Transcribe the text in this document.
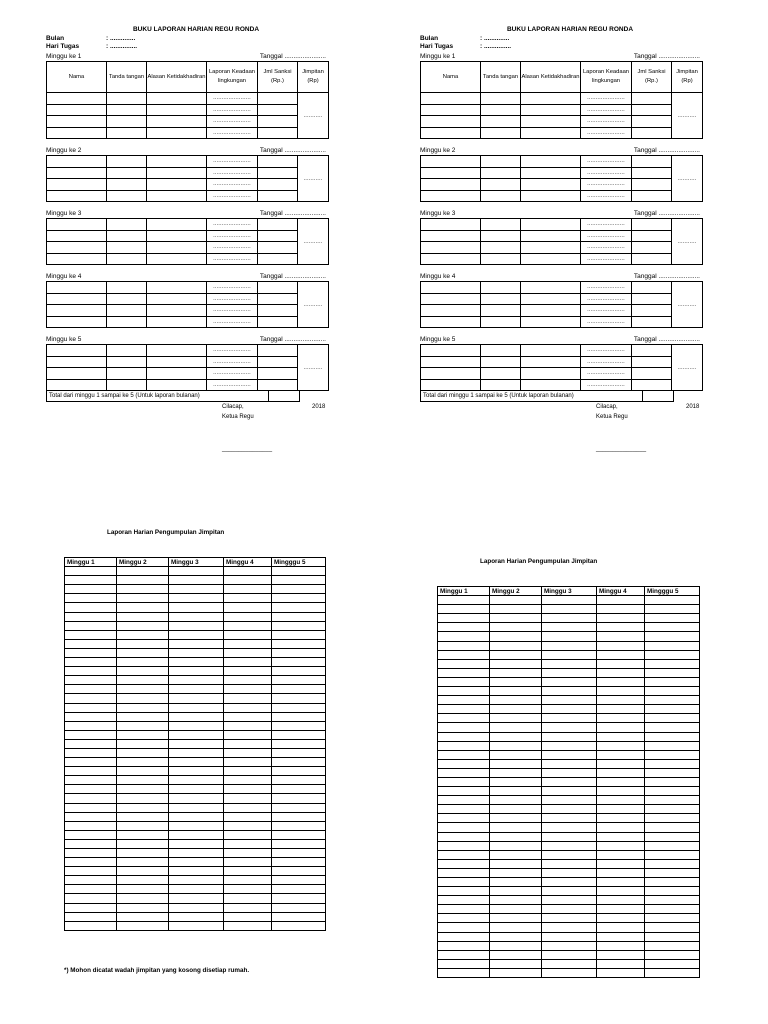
BUKU LAPORAN HARIAN REGU RONDA
Bulan	: ..............
Hari Tugas	: ...............
Minggu ke 1	Tanggal .......................
Nama	Tanda tangan	Alasan Ketidakhadiran	Laporan Keadaan lingkungan	Jml Sanksi (Rp.)	Jimpitan (Rp)
			......................		...........
			......................		
			......................		
			......................		
Minggu ke 2	Tanggal .......................
			......................		...........
			......................		
			......................		
			......................		
Minggu ke 3	Tanggal .......................
			......................		...........
			......................		
			......................		
			......................		
Minggu ke 4	Tanggal .......................
			......................		...........
			......................		
			......................		
			......................		
Minggu ke 5	Tanggal .......................
			......................		...........
			......................		
			......................		
			......................		
Total dari minggu 1 sampai ke 5 (Untuk laporan bulanan)
Cilacap,	2018
Ketua Regu
_______________
BUKU LAPORAN HARIAN REGU RONDA
Bulan	: ..............
Hari Tugas	: ...............
Minggu ke 1	Tanggal .......................
Nama	Tanda tangan	Alasan Ketidakhadiran	Laporan Keadaan lingkungan	Jml Sanksi (Rp.)	Jimpitan (Rp)
			......................		...........
			......................		
			......................		
			......................		
Minggu ke 2	Tanggal .......................
			......................		...........
			......................		
			......................		
			......................		
Minggu ke 3	Tanggal .......................
			......................		...........
			......................		
			......................		
			......................		
Minggu ke 4	Tanggal .......................
			......................		...........
			......................		
			......................		
			......................		
Minggu ke 5	Tanggal .......................
			......................		...........
			......................		
			......................		
			......................		
Total dari minggu 1 sampai ke 5 (Untuk laporan bulanan)
Cilacap,	2018
Ketua Regu
_______________
Laporan Harian Pengumpulan Jimpitan
Minggu 1	Minggu 2	Minggu 3	Minggu 4	Mingggu 5

*) Mohon dicatat wadah jimpitan yang kosong disetiap rumah.
Laporan Harian Pengumpulan Jimpitan
Minggu 1	Minggu 2	Minggu 3	Minggu 4	Mingggu 5
